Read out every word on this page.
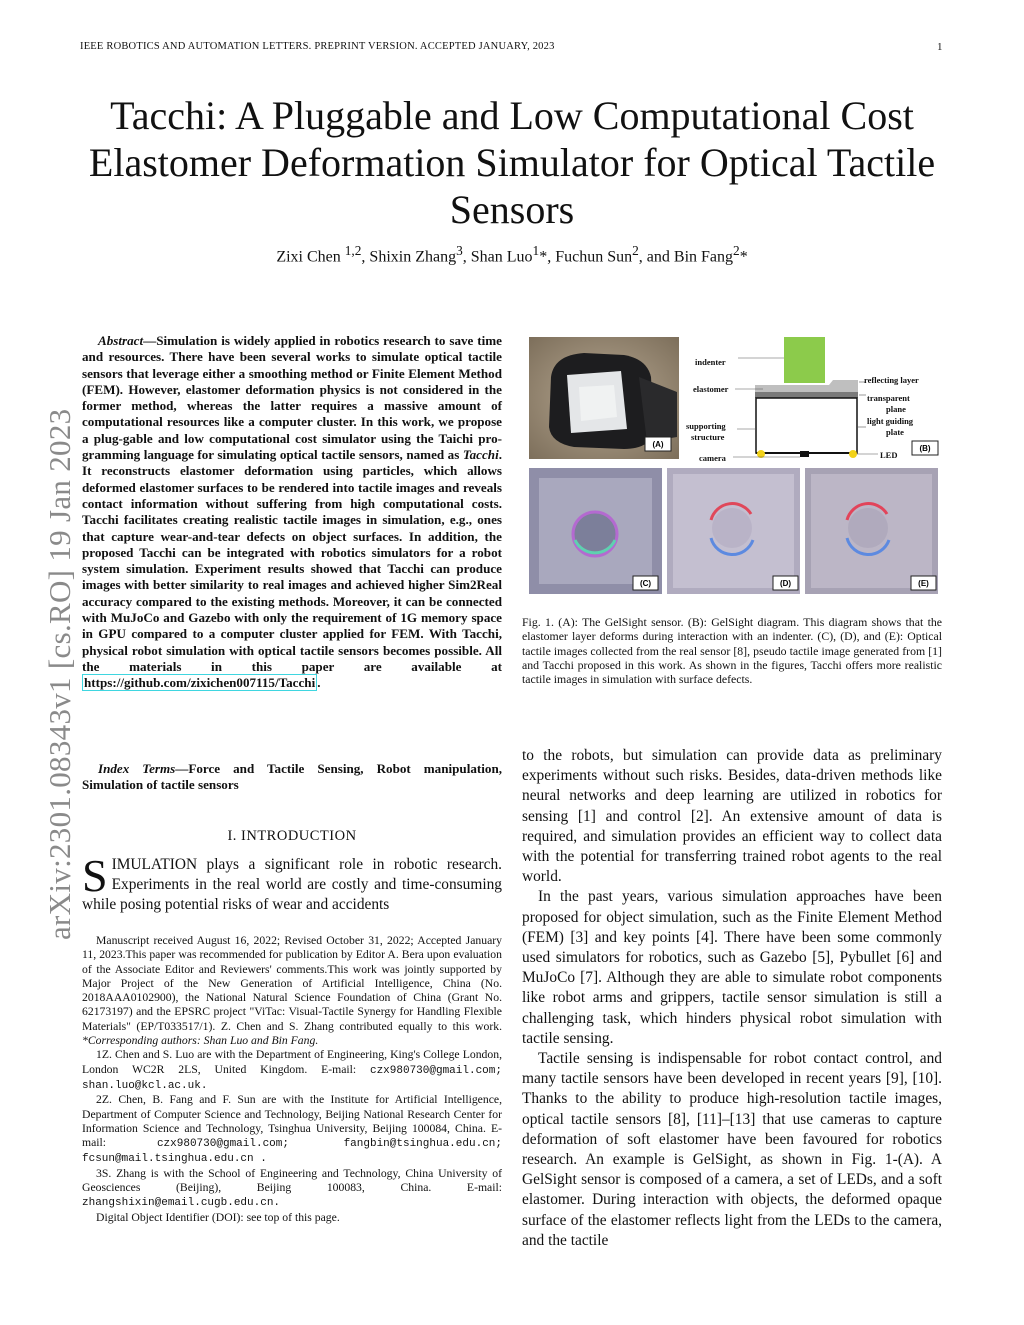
IEEE ROBOTICS AND AUTOMATION LETTERS. PREPRINT VERSION. ACCEPTED JANUARY, 2023	1
Tacchi: A Pluggable and Low Computational Cost Elastomer Deformation Simulator for Optical Tactile Sensors
Zixi Chen $^{1,2}$, Shixin Zhang$^3$, Shan Luo$^1$*, Fuchun Sun$^2$, and Bin Fang$^2$*
arXiv:2301.08343v1 [cs.RO] 19 Jan 2023
Abstract—Simulation is widely applied in robotics research to save time and resources. There have been several works to simulate optical tactile sensors that leverage either a smoothing method or Finite Element Method (FEM). However, elastomer deformation physics is not considered in the former method, whereas the latter requires a massive amount of computational resources like a computer cluster. In this work, we propose a plug-gable and low computational cost simulator using the Taichi pro-gramming language for simulating optical tactile sensors, named as Tacchi. It reconstructs elastomer deformation using particles, which allows deformed elastomer surfaces to be rendered into tactile images and reveals contact information without suffering from high computational costs. Tacchi facilitates creating realistic tactile images in simulation, e.g., ones that capture wear-and-tear defects on object surfaces. In addition, the proposed Tacchi can be integrated with robotics simulators for a robot system simulation. Experiment results showed that Tacchi can produce images with better similarity to real images and achieved higher Sim2Real accuracy compared to the existing methods. Moreover, it can be connected with MuJoCo and Gazebo with only the requirement of 1G memory space in GPU compared to a computer cluster applied for FEM. With Tacchi, physical robot simulation with optical tactile sensors becomes possible. All the materials in this paper are available at https://github.com/zixichen007115/Tacchi .
Index Terms—Force and Tactile Sensing, Robot manipulation, Simulation of tactile sensors
I. INTRODUCTION
SIMULATION plays a significant role in robotic research. Experiments in the real world are costly and time-consuming while posing potential risks of wear and accidents

Manuscript received August 16, 2022; Revised October 31, 2022; Accepted January 11, 2023.This paper was recommended for publication by Editor A. Bera upon evaluation of the Associate Editor and Reviewers' comments.This work was jointly supported by Major Project of the New Generation of Artificial Intelligence, China (No. 2018AAA0102900), the National Natural Science Foundation of China (Grant No. 62173197) and the EPSRC project "ViTac: Visual-Tactile Synergy for Handling Flexible Materials" (EP/T033517/1). Z. Chen and S. Zhang contributed equally to this work. *Corresponding authors: Shan Luo and Bin Fang.

1Z. Chen and S. Luo are with the Department of Engineering, King's College London, London WC2R 2LS, United Kingdom. E-mail: czx980730@gmail.com; shan.luo@kcl.ac.uk.

2Z. Chen, B. Fang and F. Sun are with the Institute for Artificial Intelligence, Department of Computer Science and Technology, Beijing National Research Center for Information Science and Technology, Tsinghua University, Beijing 100084, China. E-mail:	czx980730@gmail.com; fangbin@tsinghua.edu.cn; fcsun@mail.tsinghua.edu.cn .

3S. Zhang is with the School of Engineering and Technology, China University of Geosciences (Beijing), Beijing 100083, China. E-mail: zhangshixin@email.cugb.edu.cn.

Digital Object Identifier (DOI): see top of this page.

(A)
indenter
elastomer
supporting
structure
camera
reflecting layer
transparent
plane
light guiding
plate
LED
(B)
(C)	(D)	(E)
Fig. 1. (A): The GelSight sensor. (B): GelSight diagram. This diagram shows that the elastomer layer deforms during interaction with an indenter. (C), (D), and (E): Optical tactile images collected from the real sensor [8], pseudo tactile image generated from [1] and Tacchi proposed in this work. As shown in the figures, Tacchi offers more realistic tactile images in simulation with surface defects.

to the robots, but simulation can provide data as preliminary experiments without such risks. Besides, data-driven methods like neural networks and deep learning are utilized in robotics for sensing [1] and control [2]. An extensive amount of data is required, and simulation provides an efficient way to collect data with the potential for transferring trained robot agents to the real world.

In the past years, various simulation approaches have been proposed for object simulation, such as the Finite Element Method (FEM) [3] and key points [4]. There have been some commonly used simulators for robotics, such as Gazebo [5], Pybullet [6] and MuJoCo [7]. Although they are able to simulate robot components like robot arms and grippers, tactile sensor simulation is still a challenging task, which hinders physical robot simulation with tactile sensing.

Tactile sensing is indispensable for robot contact control, and many tactile sensors have been developed in recent years [9], [10]. Thanks to the ability to produce high-resolution tactile images, optical tactile sensors [8], [11]–[13] that use cameras to capture deformation of soft elastomer have been favoured for robotics research. An example is GelSight, as shown in Fig. 1-(A). A GelSight sensor is composed of a camera, a set of LEDs, and a soft elastomer. During interaction with objects, the deformed opaque surface of the elastomer reflects light from the LEDs to the camera, and the tactile
